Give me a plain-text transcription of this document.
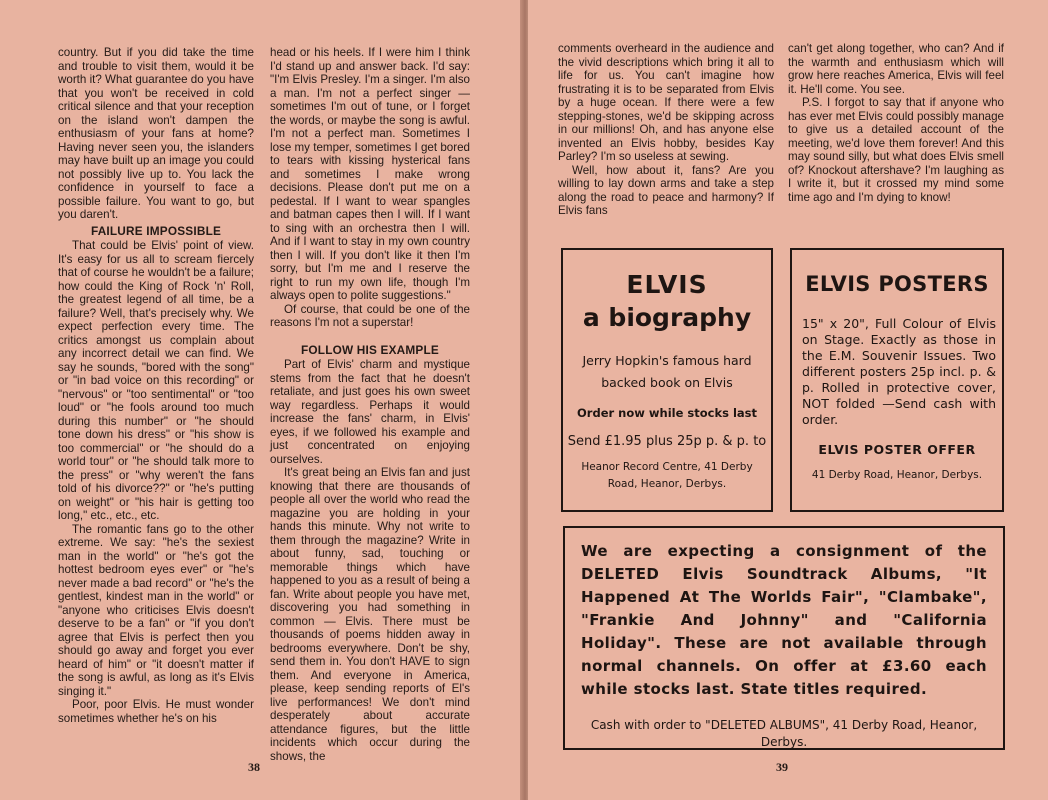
country. But if you did take the time and trouble to visit them, would it be worth it? What guarantee do you have that you won't be received in cold critical silence and that your reception on the island won't dampen the enthusiasm of your fans at home? Having never seen you, the islanders may have built up an image you could not possibly live up to. You lack the confidence in yourself to face a possible failure. You want to go, but you daren't.

FAILURE IMPOSSIBLE

That could be Elvis' point of view. It's easy for us all to scream fiercely that of course he wouldn't be a failure; how could the King of Rock 'n' Roll, the greatest legend of all time, be a failure? Well, that's precisely why. We expect perfection every time. The critics amongst us complain about any incorrect detail we can find. We say he sounds, "bored with the song" or "in bad voice on this recording" or "nervous" or "too sentimental" or "too loud" or "he fools around too much during this number" or "he should tone down his dress" or "his show is too commercial" or "he should do a world tour" or "he should talk more to the press" or "why weren't the fans told of his divorce??" or "he's putting on weight" or "his hair is getting too long," etc., etc., etc.

The romantic fans go to the other extreme. We say: "he's the sexiest man in the world" or "he's got the hottest bedroom eyes ever" or "he's never made a bad record" or "he's the gentlest, kindest man in the world" or "anyone who criticises Elvis doesn't deserve to be a fan" or "if you don't agree that Elvis is perfect then you should go away and forget you ever heard of him" or "it doesn't matter if the song is awful, as long as it's Elvis singing it."

Poor, poor Elvis. He must wonder sometimes whether he's on his

head or his heels. If I were him I think I'd stand up and answer back. I'd say: "I'm Elvis Presley. I'm a singer. I'm also a man. I'm not a perfect singer — sometimes I'm out of tune, or I forget the words, or maybe the song is awful. I'm not a perfect man. Sometimes I lose my temper, sometimes I get bored to tears with kissing hysterical fans and sometimes I make wrong decisions. Please don't put me on a pedestal. If I want to wear spangles and batman capes then I will. If I want to sing with an orchestra then I will. And if I want to stay in my own country then I will. If you don't like it then I'm sorry, but I'm me and I reserve the right to run my own life, though I'm always open to polite suggestions."

Of course, that could be one of the reasons I'm not a superstar!

FOLLOW HIS EXAMPLE

Part of Elvis' charm and mystique stems from the fact that he doesn't retaliate, and just goes his own sweet way regardless. Perhaps it would increase the fans' charm, in Elvis' eyes, if we followed his example and just concentrated on enjoying ourselves.

It's great being an Elvis fan and just knowing that there are thousands of people all over the world who read the magazine you are holding in your hands this minute. Why not write to them through the magazine? Write in about funny, sad, touching or memorable things which have happened to you as a result of being a fan. Write about people you have met, discovering you had something in common — Elvis. There must be thousands of poems hidden away in bedrooms everywhere. Don't be shy, send them in. You don't HAVE to sign them. And everyone in America, please, keep sending reports of El's live performances! We don't mind desperately about accurate attendance figures, but the little incidents which occur during the shows, the

38	39

comments overheard in the audience and the vivid descriptions which bring it all to life for us. You can't imagine how frustrating it is to be separated from Elvis by a huge ocean. If there were a few stepping-stones, we'd be skipping across in our millions! Oh, and has anyone else invented an Elvis hobby, besides Kay Parley? I'm so useless at sewing.

Well, how about it, fans? Are you willing to lay down arms and take a step along the road to peace and harmony? If Elvis fans

can't get along together, who can? And if the warmth and enthusiasm which will grow here reaches America, Elvis will feel it. He'll come. You see.

P.S. I forgot to say that if anyone who has ever met Elvis could possibly manage to give us a detailed account of the meeting, we'd love them forever! And this may sound silly, but what does Elvis smell of? Knockout aftershave? I'm laughing as I write it, but it crossed my mind some time ago and I'm dying to know!

ELVIS
a biography
Jerry Hopkin's famous hard backed book on Elvis
Order now while stocks last
Send £1.95 plus 25p p. & p. to
Heanor Record Centre, 41 Derby Road, Heanor, Derbys.
ELVIS POSTERS
15" x 20", Full Colour of Elvis on Stage. Exactly as those in the E.M. Souvenir Issues. Two different posters 25p incl. p. & p. Rolled in protective cover, NOT folded —Send cash with order.
ELVIS POSTER OFFER
41 Derby Road, Heanor, Derbys.
We are expecting a consignment of the DELETED Elvis Soundtrack Albums, "It Happened At The Worlds Fair", "Clambake", "Frankie And Johnny" and "California Holiday". These are not available through normal channels. On offer at £3.60 each while stocks last. State titles required.
Cash with order to "DELETED ALBUMS", 41 Derby Road, Heanor, Derbys.
